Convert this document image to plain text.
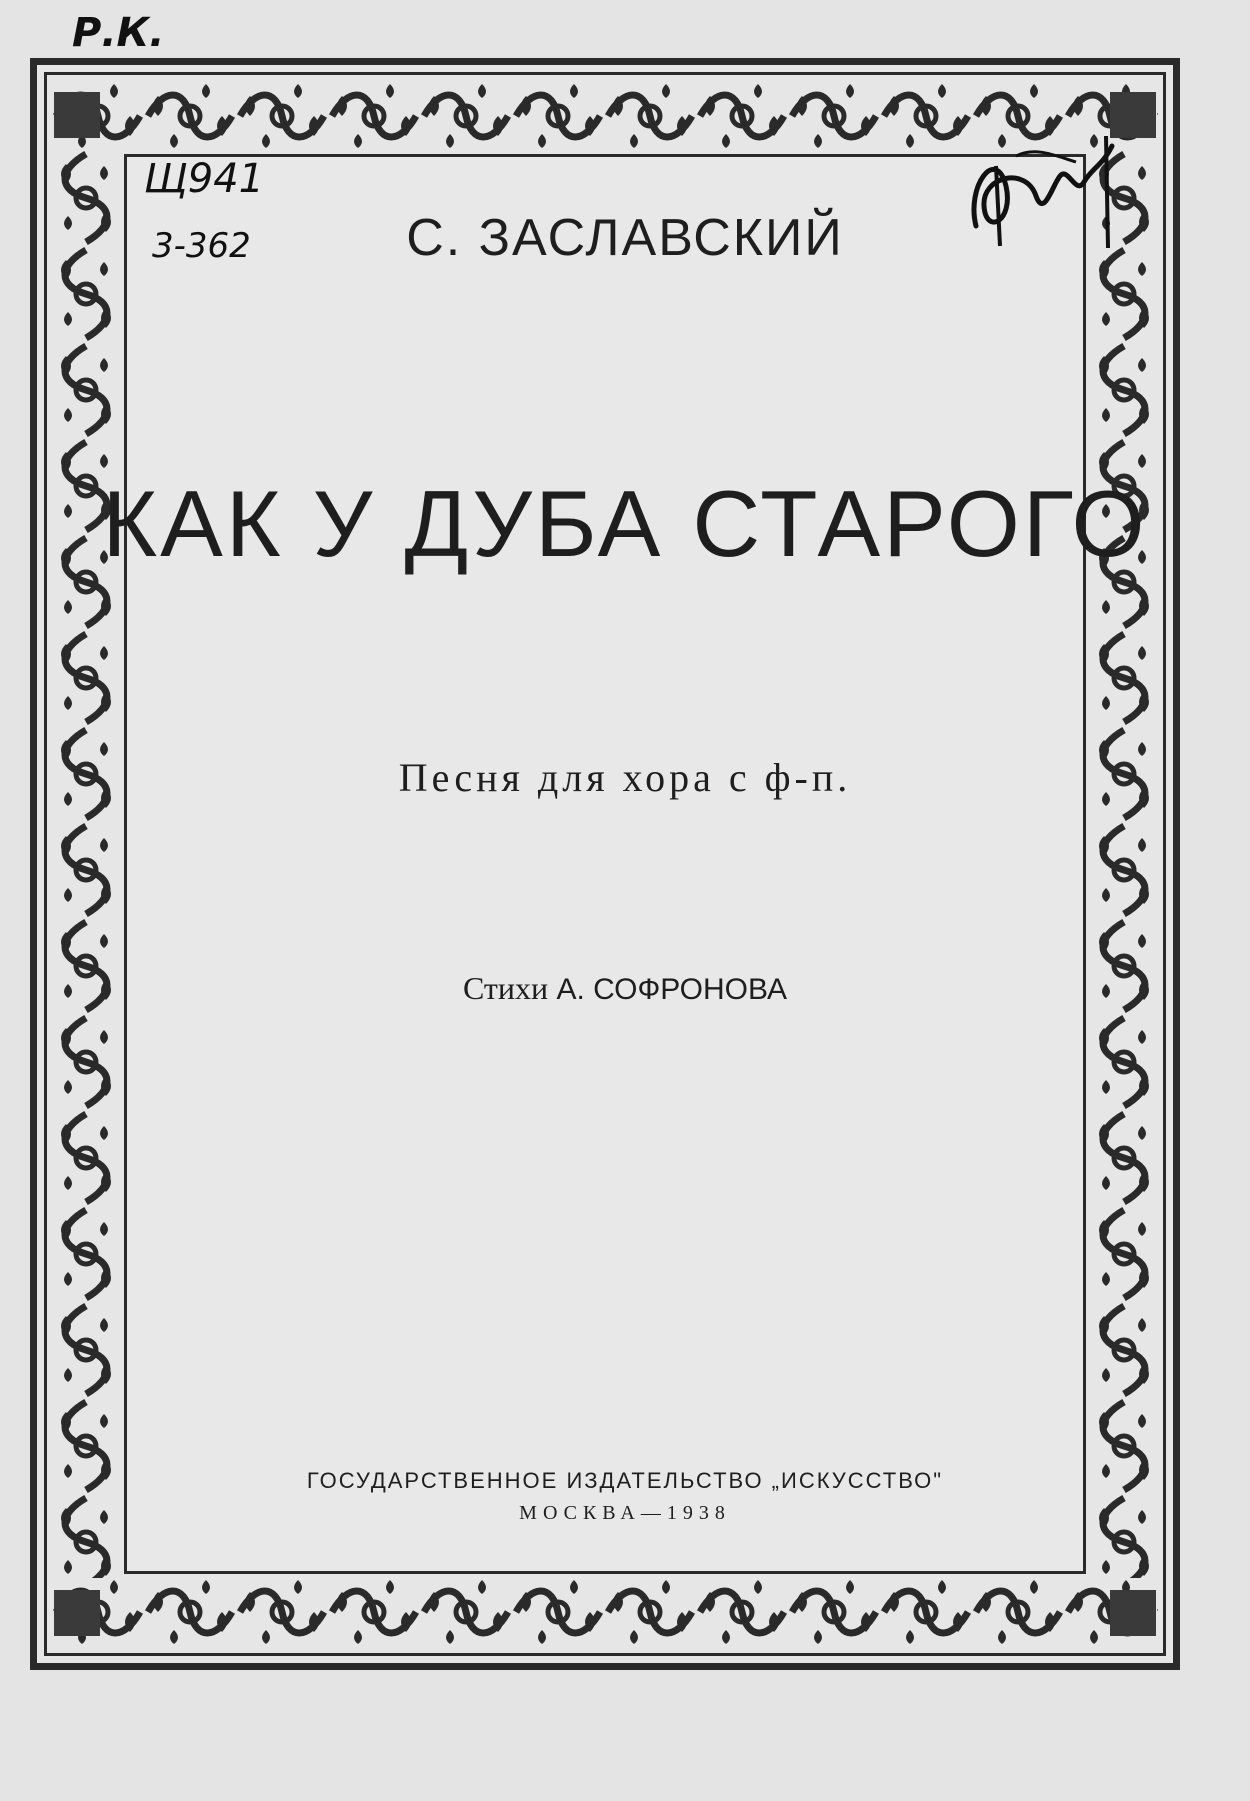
С. ЗАСЛАВСКИЙ
КАК У ДУБА СТАРОГО
Песня для хора с ф-п.
Стихи А. СОФРОНОВА
ГОСУДАРСТВЕННОЕ ИЗДАТЕЛЬСТВО „ИСКУССТВО"
МОСКВА—1938
Р.К.
Щ941
3-362
